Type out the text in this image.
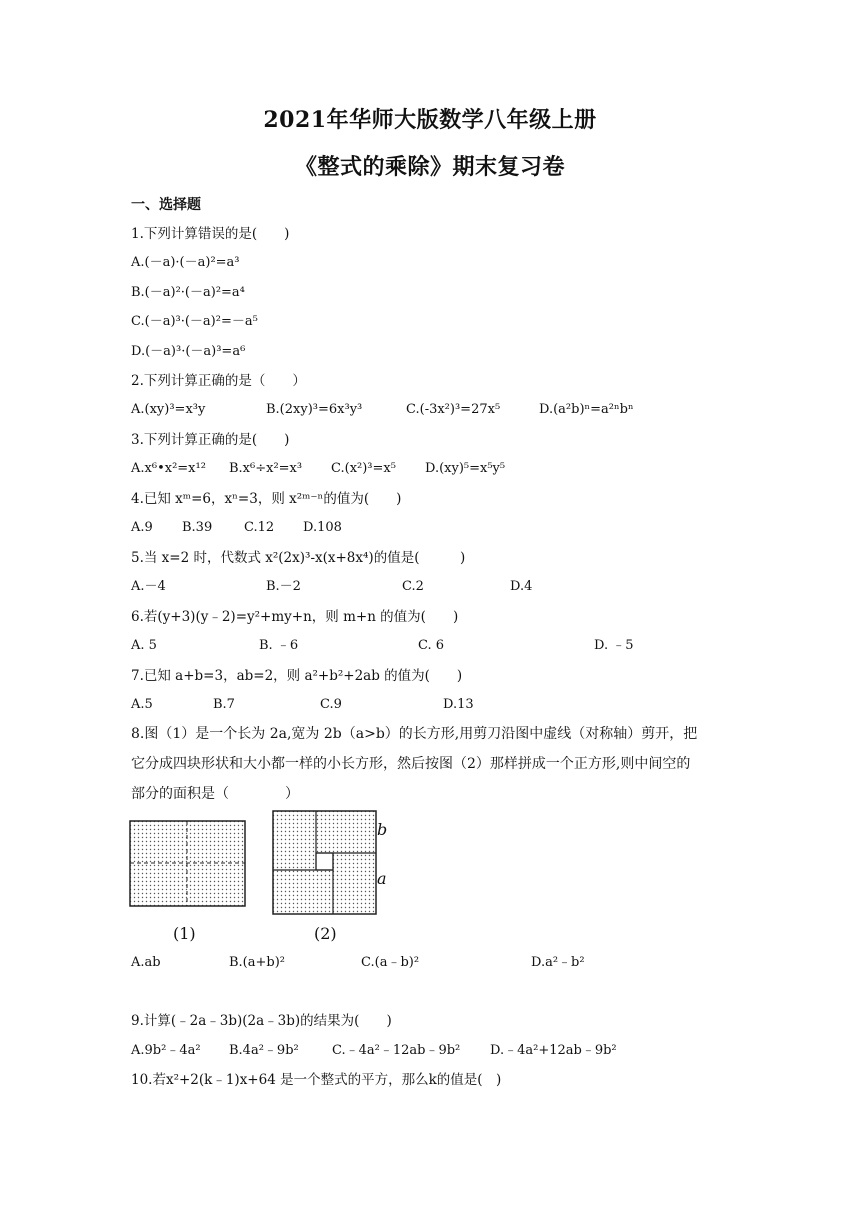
2021年华师大版数学八年级上册
《整式的乘除》期末复习卷
一、选择题
1.下列计算错误的是(　　)
A.(－a)·(－a)²=a³
B.(－a)²·(－a)²=a⁴
C.(－a)³·(－a)²=－a⁵
D.(－a)³·(－a)³=a⁶
2.下列计算正确的是（　　）
A.(xy)³=x³y	B.(2xy)³=6x³y³	C.(-3x²)³=27x⁵	D.(a²b)ⁿ=a²ⁿbⁿ
3.下列计算正确的是(　　)
A.x⁶•x²=x¹² B.x⁶÷x²=x³ C.(x²)³=x⁵ D.(xy)⁵=x⁵y⁵
4.已知 xᵐ=6，xⁿ=3，则 x²ᵐ⁻ⁿ的值为(　　)
A.9 B.39 C.12 D.108
5.当 x=2 时，代数式 x²(2x)³-x(x+8x⁴)的值是(　　　)
A.－4	B.－2	C.2	D.4
6.若(y+3)(y﹣2)=y²+my+n，则 m+n 的值为(　　)
A. 5	B. ﹣6	C. 6	D. ﹣5
7.已知 a+b=3，ab=2，则 a²+b²+2ab 的值为(　　)
A.5	B.7	C.9	D.13
8.图（1）是一个长为 2a,宽为 2b（a>b）的长方形,用剪刀沿图中虚线（对称轴）剪开，把
它分成四块形状和大小都一样的小长方形，然后按图（2）那样拼成一个正方形,则中间空的
部分的面积是（　　　　）
(1)
b
a
(2)
A.ab	B.(a+b)²	C.(a﹣b)²	D.a²﹣b²
9.计算(﹣2a﹣3b)(2a﹣3b)的结果为(　　)
A.9b²﹣4a² B.4a²﹣9b²	C.﹣4a²﹣12ab﹣9b² D.﹣4a²+12ab﹣9b²
10.若x²+2(k﹣1)x+64 是一个整式的平方，那么k的值是(　)
